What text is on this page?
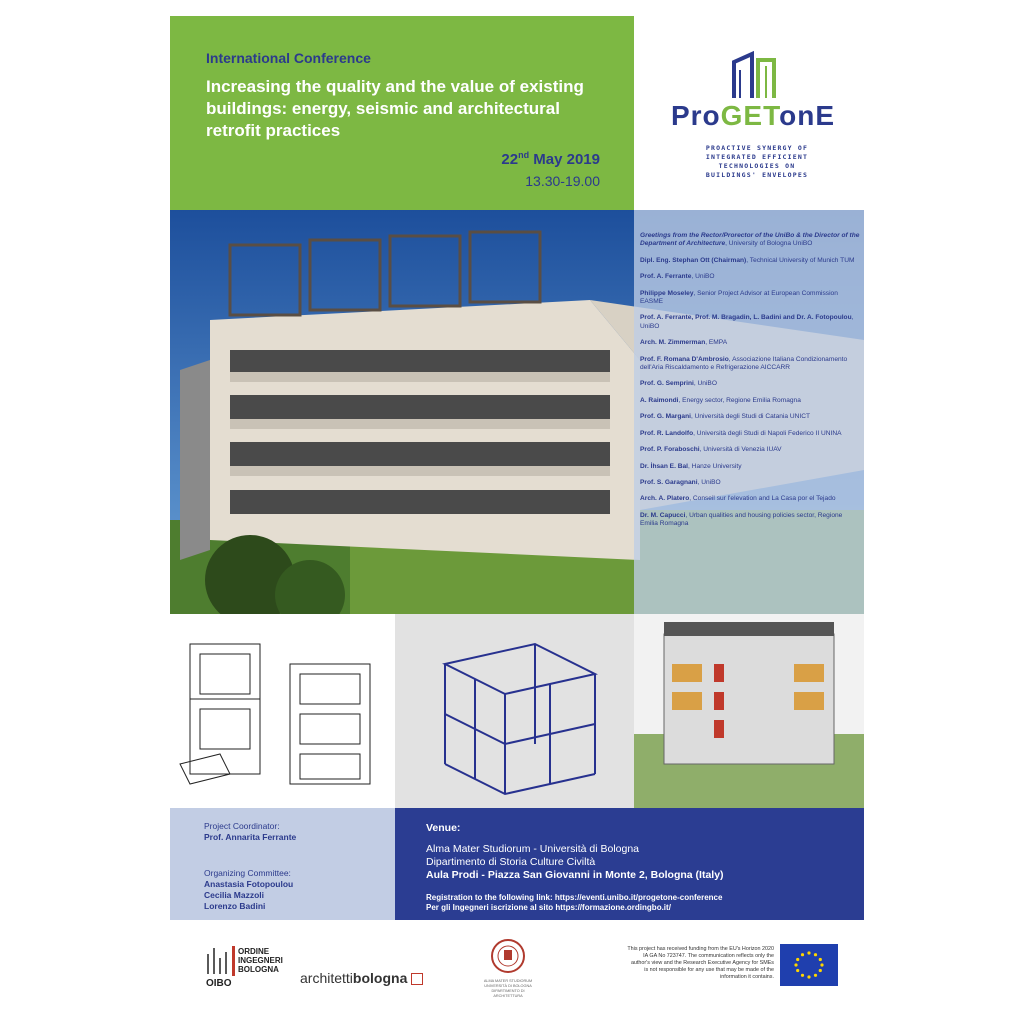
International Conference
Increasing the quality and the value of existing buildings: energy, seismic and architectural retrofit practices
22nd May 2019
13.30-19.00
ProGETonE
PROACTIVE SYNERGY OF
INTEGRATED EFFICIENT
TECHNOLOGIES ON
BUILDINGS' ENVELOPES
Greetings from the Rector/Prorector of the UniBo & the Director of the Department of Architecture, University of Bologna UniBO
Dipl. Eng. Stephan Ott (Chairman), Technical University of Munich TUM
Prof. A. Ferrante, UniBO
Philippe Moseley, Senior Project Advisor at European Commission EASME
Prof. A. Ferrante, Prof. M. Bragadin, L. Badini and Dr. A. Fotopoulou, UniBO
Arch. M. Zimmerman, EMPA
Prof. F. Romana D'Ambrosio, Associazione Italiana Condizionamento dell'Aria Riscaldamento e Refrigerazione AICCARR
Prof. G. Semprini, UniBO
A. Raimondi, Energy sector, Regione Emilia Romagna
Prof. G. Margani, Università degli Studi di Catania UNICT
Prof. R. Landolfo, Università degli Studi di Napoli Federico II UNINA
Prof. P. Foraboschi, Università di Venezia IUAV
Dr. İhsan E. Bal, Hanze University
Prof. S. Garagnani, UniBO
Arch. A. Platero, Conseil sur l'elevation and La Casa por el Tejado
Dr. M. Capucci, Urban qualities and housing policies sector, Regione Emilia Romagna
Project Coordinator:
Prof. Annarita Ferrante
Organizing Committee:
Anastasia Fotopoulou
Cecilia Mazzoli
Lorenzo Badini
Venue:
Alma Mater Studiorum - Università di Bologna
Dipartimento di Storia Culture Civiltà
Aula Prodi - Piazza San Giovanni in Monte 2, Bologna (Italy)
Registration to the following link: https://eventi.unibo.it/progetone-conference
Per gli Ingegneri iscrizione al sito https://formazione.ordingbo.it/
ORDINE
INGEGNERI
BOLOGNA
OIBO	architettibologna	ALMA MATER STUDIORUM
UNIVERSITÀ DI BOLOGNA
DIPARTIMENTO DI ARCHITETTURA
This project has received funding from the EU's Horizon 2020 IA GA No 723747. The communication reflects only the author's view and the Research Executive Agency for SMEs is not responsible for any use that may be made of the information it contains.
